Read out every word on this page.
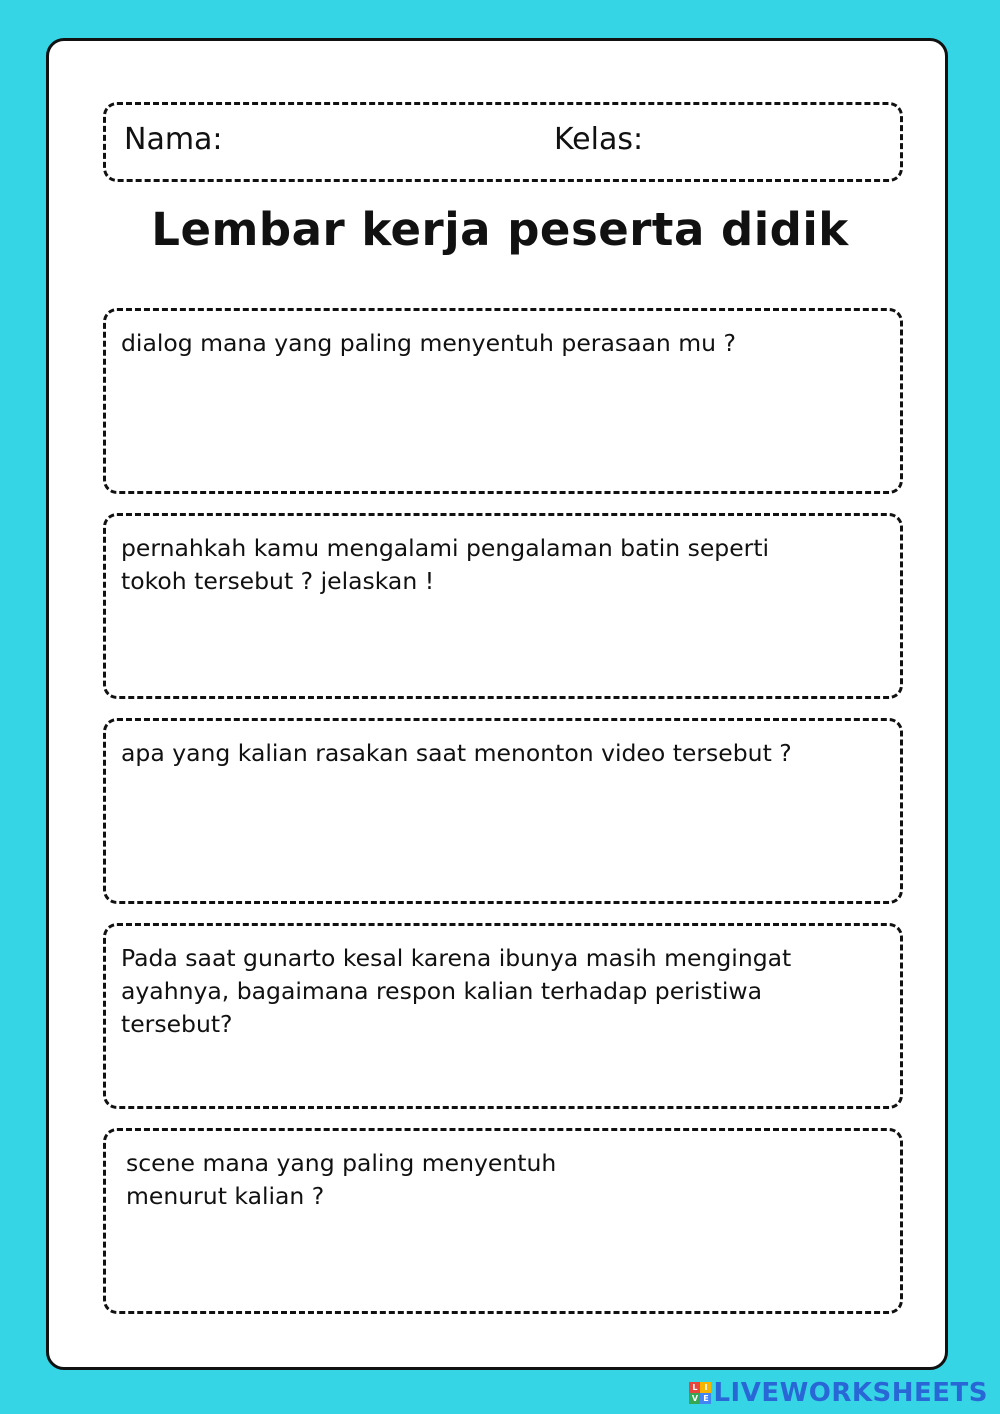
Nama:	Kelas:
Lembar kerja peserta didik
dialog mana yang paling menyentuh perasaan mu ?
pernahkah kamu mengalami pengalaman batin seperti
tokoh tersebut ? jelaskan !
apa yang kalian rasakan saat menonton video tersebut ?
Pada saat gunarto kesal karena ibunya masih mengingat
ayahnya, bagaimana respon kalian terhadap peristiwa
tersebut?
scene mana yang paling menyentuh
menurut kalian ?
L I
V E LIVEWORKSHEETS
